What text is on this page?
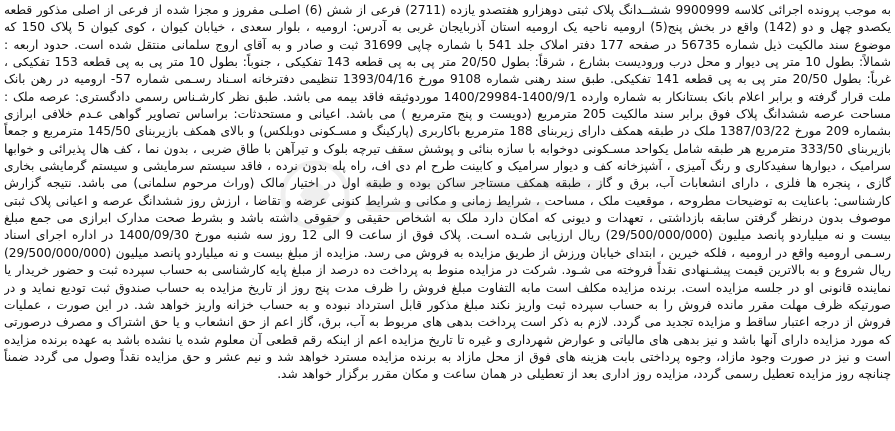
به موجب پرونده اجرائی کلاسه 9900999 ششــدانگ پلاک ثبتی دوهزارو هفتصدو یازده (2711) فرعی از شش (6) اصلـی مفروز و مجزا شده از فرعی از اصلی مذکور قطعه یکصدو چهل و دو (142) واقع در بخش پنج(5) ارومیه ناحیه یک ارومیه استان آذربایجان غربی به آدرس: ارومیه ، بلوار سعدی ، خیابان کیوان ، کوی کیوان 5 پلاک 150 که موضوع سند مالکیت ذیل شماره 56735 در صفحه 177 دفتر املاک جلد 541 با شماره چاپی 31699 ثبت و صادر و به آقای اروج سلمانی منتقل شده است. حدود اربعه : شمالاً: بطول 10 متر پی دیوار و محل درب ورودیست بشارع ، شرقاً: بطول 20/50 متر پی به پی قطعه 143 تفکیکی ، جنوباً: بطول 10 متر پی به پی قطعه 153 تفکیکی ، غرباً: بطول 20/50 متر پی به پی قطعه 141 تفکیکی. طبق سند رهنی شماره 9108 مورخ 1393/04/16 تنظیمی دفترخانه اسـناد رسـمی شماره 57- ارومیه در رهن بانک ملت قرار گرفته و برابر اعلام بانک بستانکار به شماره وارده 1400/9/1-1400/29984 موردوثیقه فاقد بیمه می باشد. طبق نظر کارشـناس رسمی دادگستری: عرصه ملک : مساحت عرصه ششدانگ پلاک فوق برابر سند مالکیت 205 مترمربع (دویست و پنج مترمربع ) می باشد. اعیانی و مستحدثات: براساس تصاویر گواهی عـدم خلافی ابرازی بشماره 209 مورخ 1387/03/22 ملک در طبقه همکف دارای زیربنای 188 مترمربع باکاربری (پارکینگ و مسـکونی دوبلکس) و بالای همکف بازیربنای 145/50 مترمربع و جمعاً بازیربنای 333/50 مترمربع هر طبقه شامل یکواحد مسـکونی دوخوابه با سازه بنائی و پوشش سقف تیرچه بلوک و تیرآهن با طاق ضربی ، بدون نما ، کف هال پذیرائی و خوابها سرامیک ، دیوارها سفیدکاری و رنگ آمیزی ، آشپزخانه کف و دیوار سرامیک و کابینت طرح ام دی اف، راه پله بدون نرده ، فاقد سیستم سرمایشی و سیستم گرمایشی بخاری گازی ، پنجره ها فلزی ، دارای انشعابات آب، برق و گاز ، طبقه همکف مستاجر ساکن بوده و طبقه اول در اختیار مالک (وراث مرحوم سلمانی) می باشد. نتیجه گزارش کارشناسی: باعنایت به توضیحات مطروحه ، موقعیت ملک ، مساحت ، شرایط زمانی و مکانی و شرایط کنونی عرضه و تقاضا ، ارزش روز ششدانگ عرصه و اعیانی پلاک ثبتی موصوف بدون درنظر گرفتن سابقه بازداشتی ، تعهدات و دیونی که امکان دارد ملک به اشخاص حقیقی و حقوقی داشته باشد و بشرط صحت مدارک ابرازی می جمع مبلغ بیست و نه میلیاردو پانصد میلیون (29/500/000/000) ریال ارزیابی شـده اسـت. پلاک فوق از ساعت 9 الی 12 روز سه شنبه مورخ 1400/09/30 در اداره اجرای اسناد رسـمی ارومیه واقع در ارومیه ، فلکه خیرین ، ابتدای خیابان ورزش از طریق مزایده به فروش می رسد. مزایده از مبلغ بیست و نه میلیاردو پانصد میلیون (29/500/000/000) ریال شروع و به بالاترین قیمت پیشـنهادی نقداً فروخته می شـود. شرکت در مزایده منوط به پرداخت ده درصد از مبلغ پایه کارشناسی به حساب سپرده ثبت و حضور خریدار یا نماینده قانونی او در جلسه مزایده است. برنده مزایده مکلف است مابه التفاوت مبلغ فروش را ظرف مدت پنج روز از تاریخ مزایده به حساب صندوق ثبت تودیع نماید و در صورتیکه ظرف مهلت مقرر مانده فروش را به حساب سپرده ثبت واریز نکند مبلغ مذکور قابل استرداد نبوده و به حساب خزانه واریز خواهد شد. در این صورت ، عملیات فروش از درجه اعتبار ساقط و مزایده تجدید می گردد. لازم به ذکر است پرداخت بدهی های مربوط به آب، برق، گاز اعم از حق انشعاب و یا حق اشتراک و مصرف درصورتی که مورد مزایده دارای آنها باشد و نیز بدهی های مالیاتی و عوارض شهرداری و غیره تا تاریخ مزایده اعم از اینکه رقم قطعی آن معلوم شده یا نشده باشد به عهده برنده مزایده است و نیز در صورت وجود مازاد، وجوه پرداختی بابت هزینه های فوق از محل مازاد به برنده مزایده مسترد خواهد شد و نیم عشر و حق مزایده نقداً وصول می گردد ضمناً چنانچه روز مزایده تعطیل رسمی گردد، مزایده روز اداری بعد از تعطیلی در همان ساعت و مکان مقرر برگزار خواهد شد.
